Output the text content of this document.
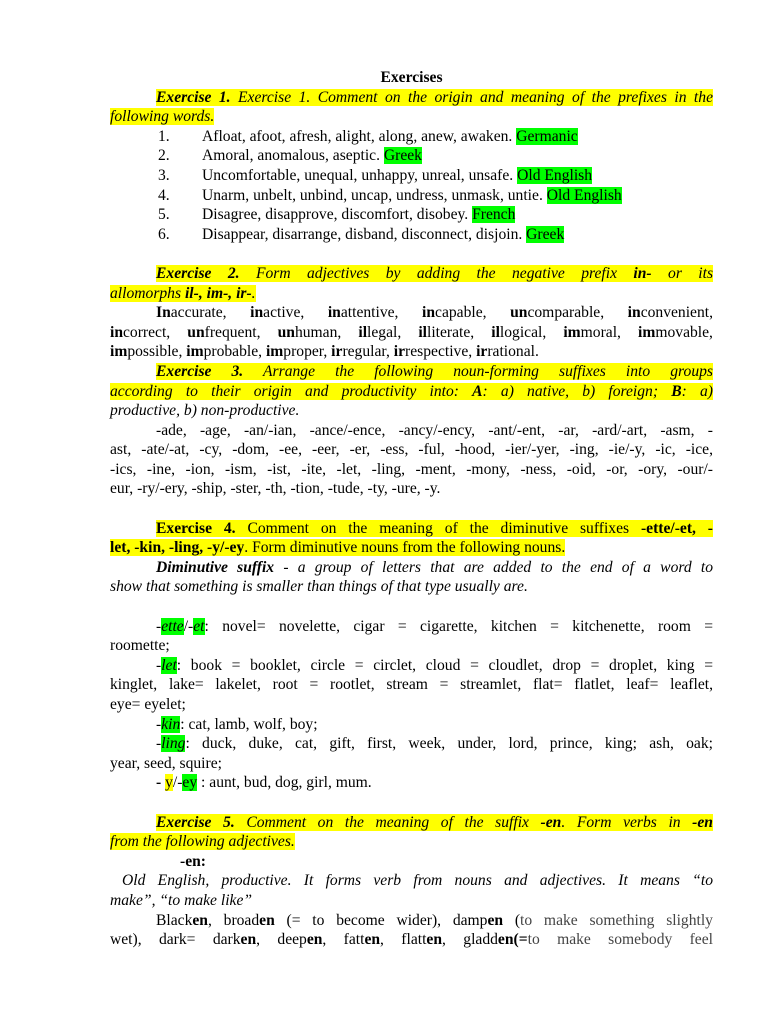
Exercises
Exercise 1. Exercise 1. Comment on the origin and meaning of the prefixes in the
following words.
1. Afloat, afoot, afresh, alight, along, anew, awaken. Germanic
2. Amoral, anomalous, aseptic. Greek
3. Uncomfortable, unequal, unhappy, unreal, unsafe. Old English
4. Unarm, unbelt, unbind, uncap, undress, unmask, untie. Old English
5. Disagree, disapprove, discomfort, disobey. French
6. Disappear, disarrange, disband, disconnect, disjoin. Greek
Exercise 2. Form adjectives by adding the negative prefix in- or its
allomorphs il-, im-, ir-.
Inaccurate, inactive, inattentive, incapable, uncomparable, inconvenient,
incorrect, unfrequent, unhuman, illegal, illiterate, illogical, immoral, immovable,
impossible, improbable, improper, irregular, irrespective, irrational.
Exercise 3. Arrange the following noun-forming suffixes into groups
according to their origin and productivity into: A: a) native, b) foreign; B: a)
productive, b) non-productive.
-ade, -age, -an/-ian, -ance/-ence, -ancy/-ency, -ant/-ent, -ar, -ard/-art, -asm, -
ast, -ate/-at, -cy, -dom, -ee, -eer, -er, -ess, -ful, -hood, -ier/-yer, -ing, -ie/-y, -ic, -ice,
-ics, -ine, -ion, -ism, -ist, -ite, -let, -ling, -ment, -mony, -ness, -oid, -or, -ory, -our/-
eur, -ry/-ery, -ship, -ster, -th, -tion, -tude, -ty, -ure, -y.
Exercise 4. Comment on the meaning of the diminutive suffixes -ette/-et, -
let, -kin, -ling, -y/-ey. Form diminutive nouns from the following nouns.
Diminutive suffix - a group of letters that are added to the end of a word to
show that something is smaller than things of that type usually are.
-ette/-et: novel= novelette, cigar = cigarette, kitchen = kitchenette, room =
roomette;
-let: book = booklet, circle = circlet, cloud = cloudlet, drop = droplet, king =
kinglet, lake= lakelet, root = rootlet, stream = streamlet, flat= flatlet, leaf= leaflet,
eye= eyelet;
-kin: cat, lamb, wolf, boy;
-ling: duck, duke, cat, gift, first, week, under, lord, prince, king; ash, oak;
year, seed, squire;
- y/-ey : aunt, bud, dog, girl, mum.
Exercise 5. Comment on the meaning of the suffix -en. Form verbs in -en
from the following adjectives.
-en:
Old English, productive. It forms verb from nouns and adjectives. It means “to
make”, “to make like”
Blacken, broaden (= to become wider), dampen (to make something slightly
wet), dark= darken, deepen, fatten, flatten, gladden(=to make somebody feel
